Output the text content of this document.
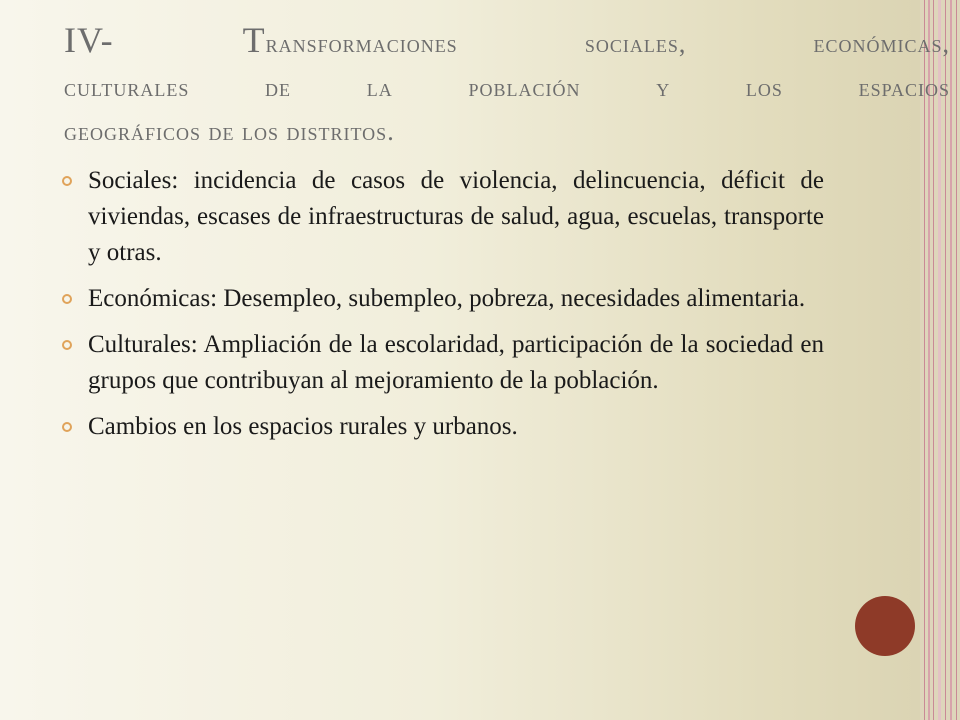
IV- Transformaciones sociales, económicas,
culturales de la población y los espacios
geográficos de los distritos.
Sociales: incidencia de casos de violencia, delincuencia, déficit de viviendas, escases de infraestructuras de salud, agua, escuelas, transporte y otras.
Económicas: Desempleo, subempleo, pobreza, necesidades alimentaria.
Culturales: Ampliación de la escolaridad, participación de la sociedad en grupos que contribuyan al mejoramiento de la población.
Cambios en los espacios rurales y urbanos.
